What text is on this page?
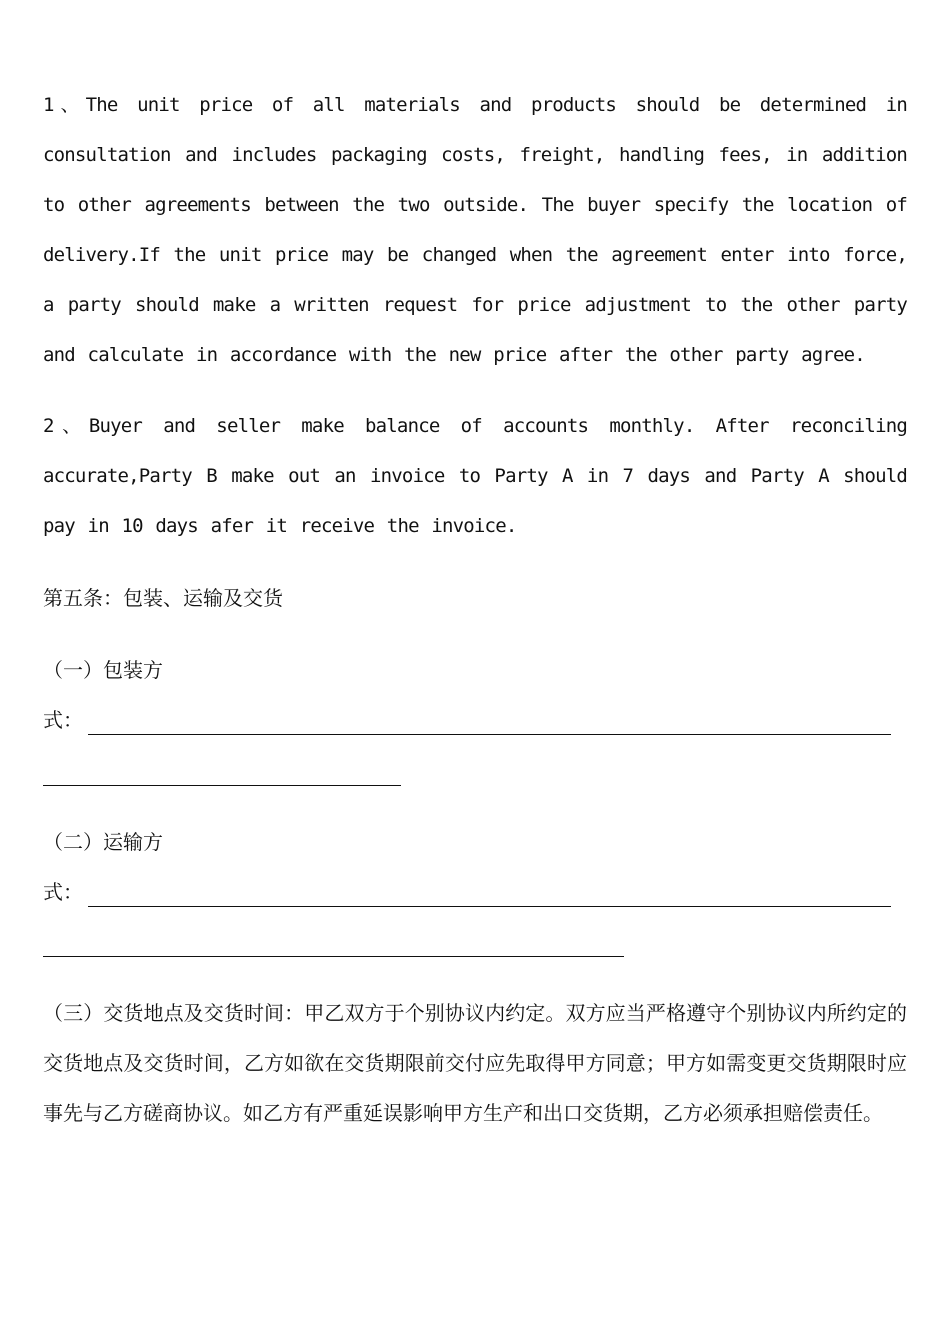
1、The unit price of all materials and products should be determined in consultation and includes packaging costs, freight, handling fees, in addition to other agreements between the two outside. The buyer specify the location of delivery.If the unit price may be changed when the agreement enter into force, a party should make a written request for price adjustment to the other party and calculate in accordance with the new price after the other party agree.

2、Buyer and seller make balance of accounts monthly. After reconciling accurate,Party B make out an invoice to Party A in 7 days and Party A should pay in 10 days afer it receive the invoice.

第五条：包装、运输及交货
（一）包装方
式：
（二）运输方
式：

（三）交货地点及交货时间：甲乙双方于个别协议内约定。双方应当严格遵守个别协议内所约定的交货地点及交货时间，乙方如欲在交货期限前交付应先取得甲方同意；甲方如需变更交货期限时应事先与乙方磋商协议。如乙方有严重延误影响甲方生产和出口交货期，乙方必须承担赔偿责任。
